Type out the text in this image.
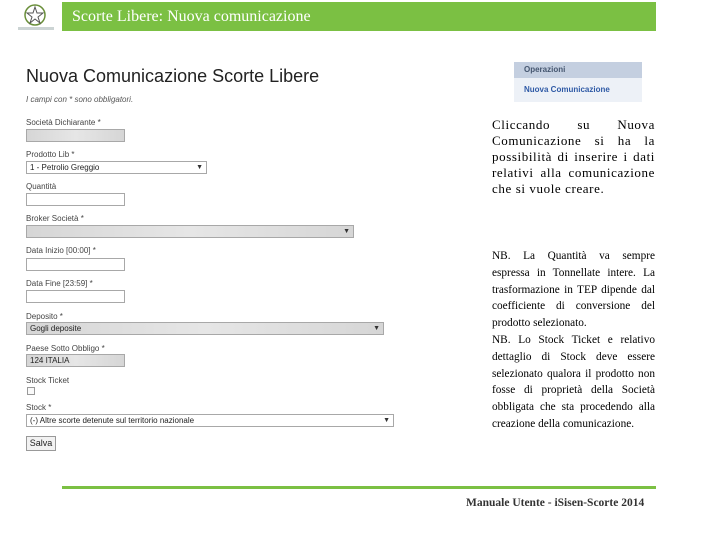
Scorte Libere: Nuova comunicazione
Nuova Comunicazione Scorte Libere
I campi con * sono obbligatori.
Società Dichiarante *
Prodotto Lib *
1 - Petrolio Greggio	▼
Quantità
Broker Società *
▼
Data Inizio [00:00] *
Data Fine [23:59] *
Deposito *
Gogli deposite	▼
Paese Sotto Obbligo *
124 ITALIA
Stock Ticket
Stock *
(-) Altre scorte detenute sul territorio nazionale	▼
Salva
Operazioni
Nuova Comunicazione
Cliccando su Nuova Comunicazione si ha la possibilità di inserire i dati relativi alla comunicazione che si vuole creare.
NB. La Quantità va sempre espressa in Tonnellate intere. La trasformazione in TEP dipende dal coefficiente di conversione del prodotto selezionato.
NB. Lo Stock Ticket e relativo dettaglio di Stock deve essere selezionato qualora il prodotto non fosse di proprietà della Società obbligata che sta procedendo alla creazione della comunicazione.
Manuale Utente - iSisen-Scorte 2014
